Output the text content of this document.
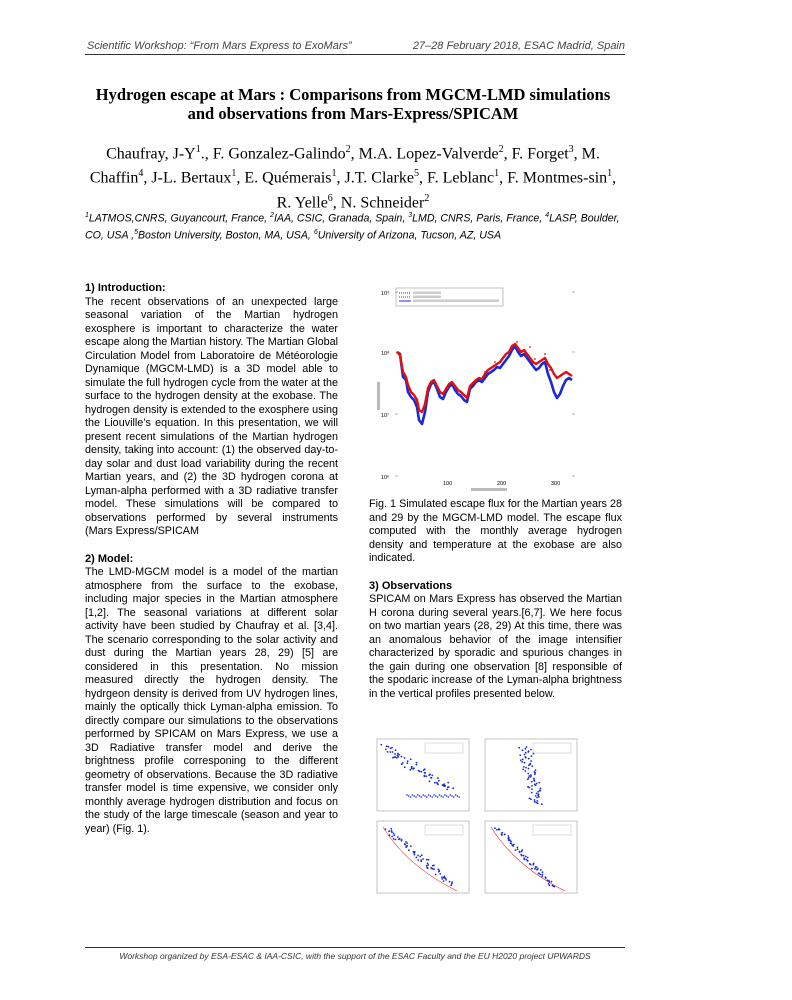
Scientific Workshop: “From Mars Express to ExoMars”	27–28 February 2018, ESAC Madrid, Spain
Hydrogen escape at Mars : Comparisons from MGCM-LMD simulations
and observations from Mars-Express/SPICAM
Chaufray, $J-Y^1$., F. Gonzalez-Galindo$^2$, M.A. Lopez-Valverde$^2$, F. Forget$^3$, M. Chaffin$^4$, J-L. Bertaux$^1$, E. Quémerais$^1$, J.T. Clarke$^5$, F. Leblanc$^1$, F. Montmes-$\sin^1$, R. Yelle$^6$, N. Schneider$^2$
$^1$LATMOS,CNRS, Guyancourt, France, $^2$IAA, CSIC, Granada, Spain, $^3$LMD, CNRS, Paris, France, $^4$LASP, Boulder, CO, USA ,$^5$Boston University, Boston, MA, USA, $^6$University of Arizona, Tucson, AZ, USA

1) Introduction:

The recent observations of an unexpected large seasonal variation of the Martian hydrogen exosphere is important to characterize the water escape along the Martian history. The Martian Global Circulation Model from Laboratoire de Météorologie Dynamique (MGCM-LMD) is a 3D model able to simulate the full hydrogen cycle from the water at the surface to the hydrogen density at the exobase. The hydrogen density is extended to the exosphere using the Liouville’s equation. In this presentation, we will present recent simulations of the Martian hydrogen density, taking into account: (1) the observed day-to-day solar and dust load variability during the recent Martian years, and (2) the 3D hydrogen corona at Lyman-alpha performed with a 3D radiative transfer model. These simulations will be compared to observations performed by several instruments (Mars Express/SPICAM

2) Model:

The LMD-MGCM model is a model of the martian atmosphere from the surface to the exobase, including major species in the Martian atmosphere [1,2]. The seasonal variations at different solar activity have been studied by Chaufray et al. [3,4]. The scenario corresponding to the solar activity and dust during the Martian years 28, 29) [5] are considered in this presentation. No mission measured directly the hydrogen density. The hydrgeon density is derived from UV hydrogen lines, mainly the optically thick Lyman-alpha emission. To directly compare our simulations to the observations performed by SPICAM on Mars Express, we use a 3D Radiative transfer model and derive the brightness profile corresponing to the different geometry of observations. Because the 3D radiative transfer model is time expensive, we consider only monthly average hydrogen distribution and focus on the study of the large timescale (season and year to year) (Fig. 1).

10⁹
10⁸
10⁷
10⁶
100	200	300

Fig. 1 Simulated escape flux for the Martian years 28 and 29 by the MGCM-LMD model. The escape flux computed with the monthly average hydrogen density and temperature at the exobase are also indicated.

3) Observations

SPICAM on Mars Express has observed the Martian H corona during several years.[6,7]. We here focus on two martian years (28, 29) At this time, there was an anomalous behavior of the image intensifier characterized by sporadic and spurious changes in the gain during one observation [8] responsible of the spodaric increase of the Lyman-alpha brightness in the vertical profiles presented below.

Workshop organized by ESA-ESAC & IAA-CSIC, with the support of the ESAC Faculty and the EU H2020 project UPWARDS
